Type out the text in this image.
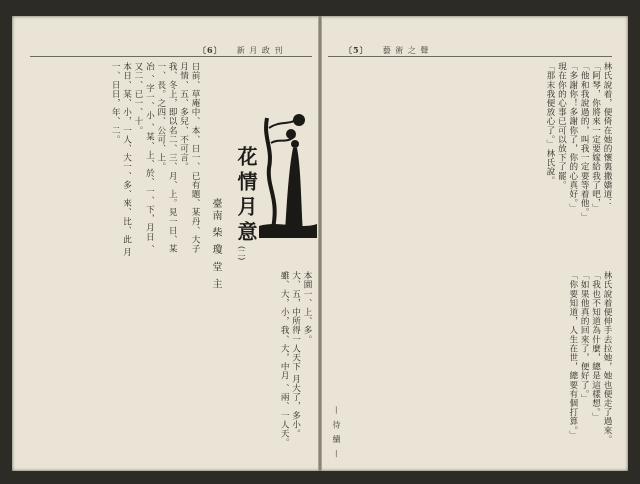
〔6〕 新 月 政 刊
花情月意
(二)
臺南 柴 瓊 堂 主
日前、草庵中、本、日一、已有題、某丹、大子月情、五、多兒、不可言。
我、冬上，即以名二、三、月、上。見一日、某一、長。之四、公可、上。
冶 、字一、小 、某、上、於、一、下，月日 、又二、已一、十。
本日、某、小，一人、大一、多、來、比、此 月 一、日日，年、二。
本園一、上、多。
大、五，中所得一人天下 月大了，多小。
雖、大，小，我、大，中月 、兩、一人天。
〔5〕 藝 術 之 聲
林氏說着，便倚在她的懷裏撒嬌道：
「阿琴，你將來一定要嫁給我了吧，」
「他和我說過的，叫我一定要等着他。」
「多謝你！多謝你了，你的心真好。」
現在你的心事已可以放下了罷。
「那末我便放心了。」林氏說。
林氏說着便伸手去拉她，她也便走了過來。
「我也不知道為什麼，總是這樣想。」
「如果他真的回來了，便好了。」
「你要知道，人生在世，總要有個打算。」
— 待 續 —
